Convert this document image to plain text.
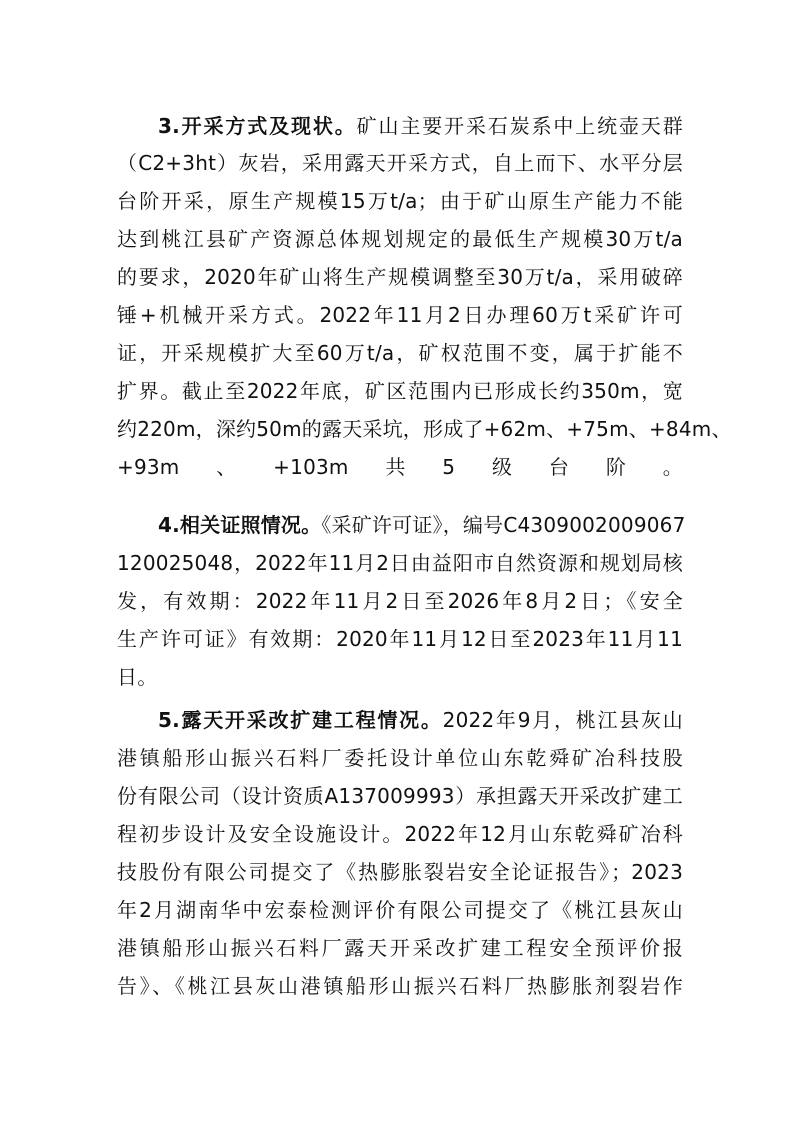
3.开采方式及现状。矿山主要开采石炭系中上统壶天群
（C2+3ht）灰岩，采用露天开采方式，自上而下、水平分层
台阶开采，原生产规模15万t/a；由于矿山原生产能力不能
达到桃江县矿产资源总体规划规定的最低生产规模30万t/a
的要求，2020年矿山将生产规模调整至30万t/a，采用破碎
锤+机械开采方式。2022年11月2日办理60万t采矿许可
证，开采规模扩大至60万t/a，矿权范围不变，属于扩能不
扩界。截止至2022年底，矿区范围内已形成长约350m，宽
约220m，深约50m的露天采坑，形成了+62m、+75m、+84m、
+93m、+103m共5级台阶。
4.相关证照情况。《采矿许可证》，编号C4309002009067
120025048，2022年11月2日由益阳市自然资源和规划局核
发，有效期：2022年11月2日至2026年8月2日；《安全
生产许可证》有效期：2020年11月12日至2023年11月11
日。
5.露天开采改扩建工程情况。2022年9月，桃江县灰山
港镇船形山振兴石料厂委托设计单位山东乾舜矿冶科技股
份有限公司（设计资质A137009993）承担露天开采改扩建工
程初步设计及安全设施设计。2022年12月山东乾舜矿冶科
技股份有限公司提交了《热膨胀裂岩安全论证报告》；2023
年2月湖南华中宏泰检测评价有限公司提交了《桃江县灰山
港镇船形山振兴石料厂露天开采改扩建工程安全预评价报
告》、《桃江县灰山港镇船形山振兴石料厂热膨胀剂裂岩作
